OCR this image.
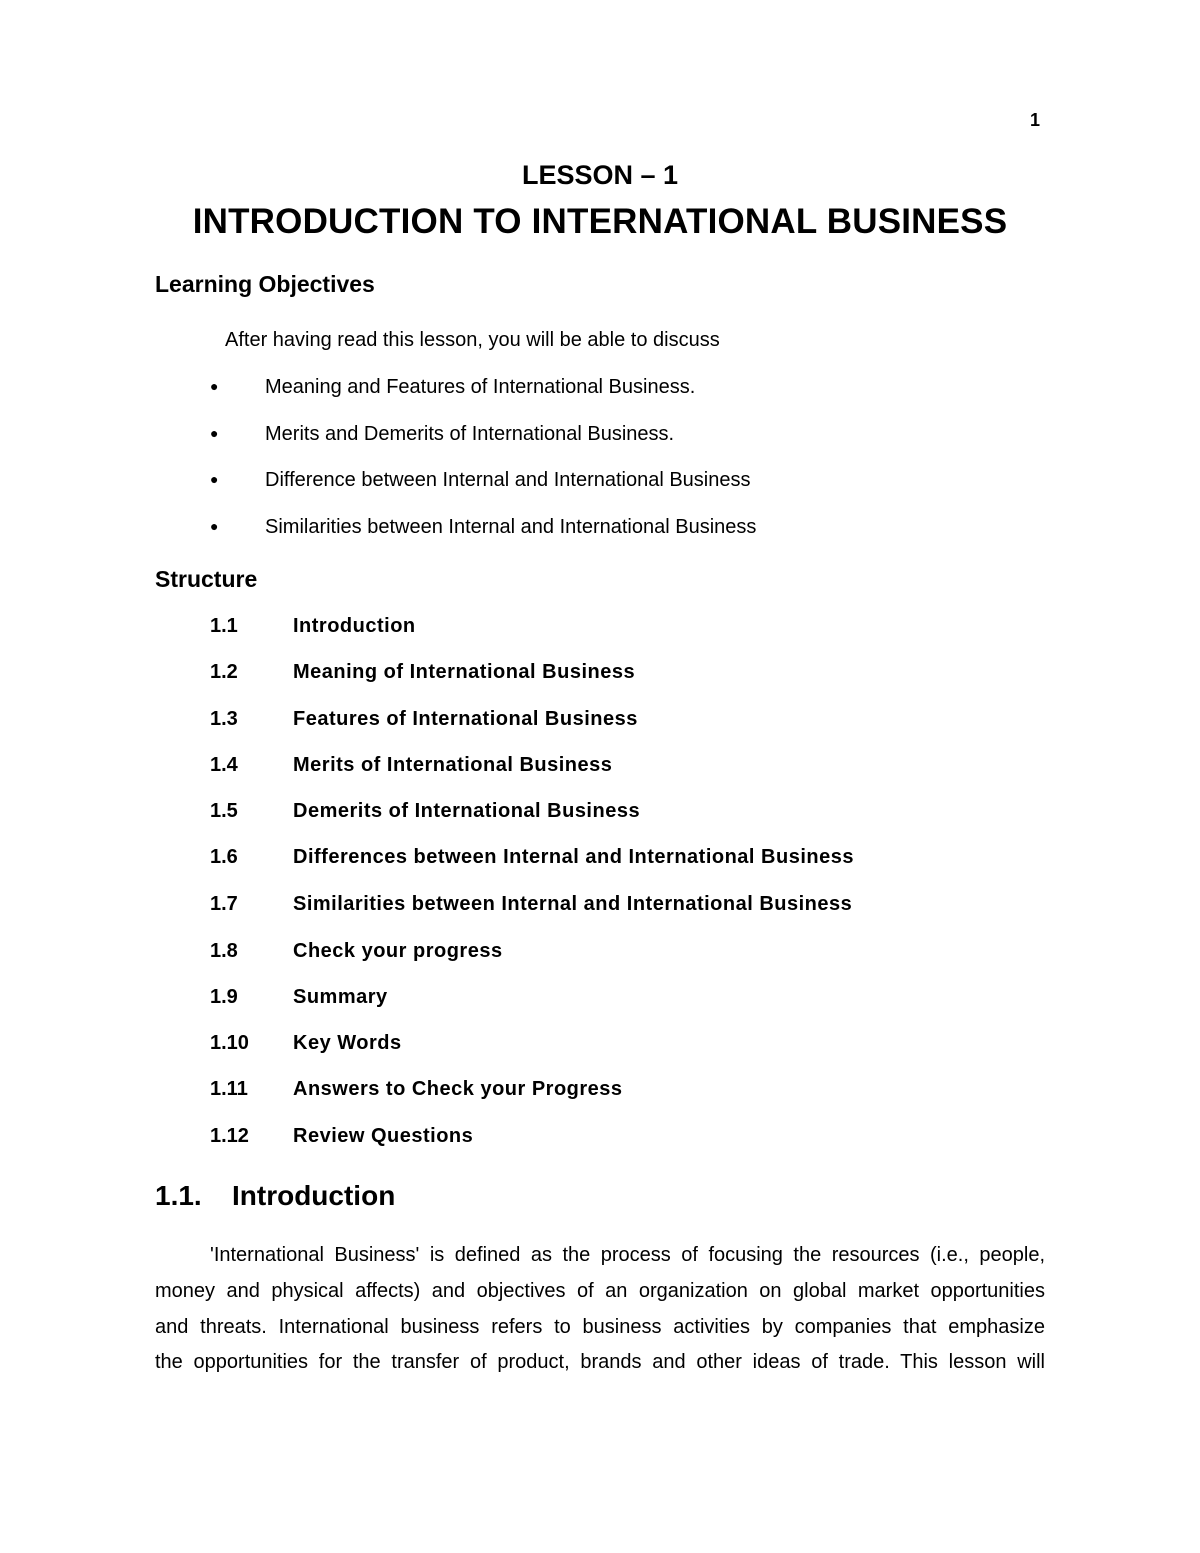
1
LESSON – 1
INTRODUCTION TO INTERNATIONAL BUSINESS
Learning Objectives
After having read this lesson, you will be able to discuss
● Meaning and Features of International Business.
● Merits and Demerits of International Business.
● Difference between Internal and International Business
● Similarities between Internal and International Business
Structure
1.1	Introduction
1.2	Meaning of International Business
1.3	Features of International Business
1.4	Merits of International Business
1.5	Demerits of International Business
1.6	Differences between Internal and International Business
1.7	Similarities between Internal and International Business
1.8	Check your progress
1.9	Summary
1.10 Key Words
1.11 Answers to Check your Progress
1.12 Review Questions
1.1. Introduction
'International Business' is defined as the process of focusing the resources (i.e., people,
money and physical affects) and objectives of an organization on global market opportunities
and threats. International business refers to business activities by companies that emphasize
the opportunities for the transfer of product, brands and other ideas of trade. This lesson will
